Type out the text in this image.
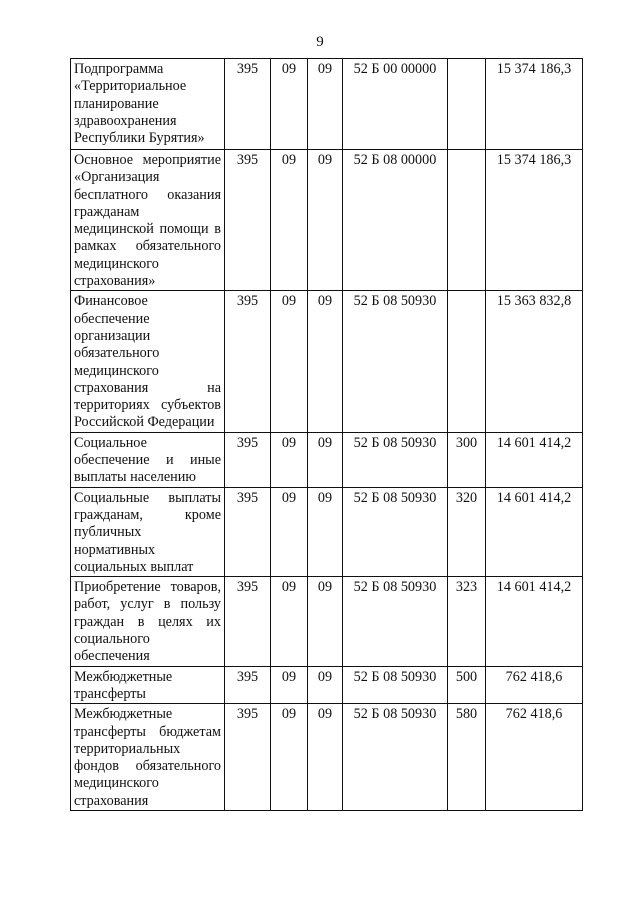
9
Подпрограмма «Территориальное планирование здравоохранения Республики Бурятия»	395	09	09	52 Б 00 00000		15 374 186,3
Основное мероприятие «Организация бесплатного оказания гражданам медицинской помощи в рамках обязательного медицинского страхования»	395	09	09	52 Б 08 00000		15 374 186,3
Финансовое обеспечение организации обязательного медицинского страхования на территориях субъектов Российской Федерации	395	09	09	52 Б 08 50930		15 363 832,8
Социальное обеспечение и иные выплаты населению	395	09	09	52 Б 08 50930	300	14 601 414,2
Социальные выплаты гражданам, кроме публичных нормативных социальных выплат	395	09	09	52 Б 08 50930	320	14 601 414,2
Приобретение товаров, работ, услуг в пользу граждан в целях их социального обеспечения	395	09	09	52 Б 08 50930	323	14 601 414,2
Межбюджетные трансферты	395	09	09	52 Б 08 50930	500	762 418,6
Межбюджетные трансферты бюджетам территориальных фондов обязательного медицинского страхования	395	09	09	52 Б 08 50930	580	762 418,6
